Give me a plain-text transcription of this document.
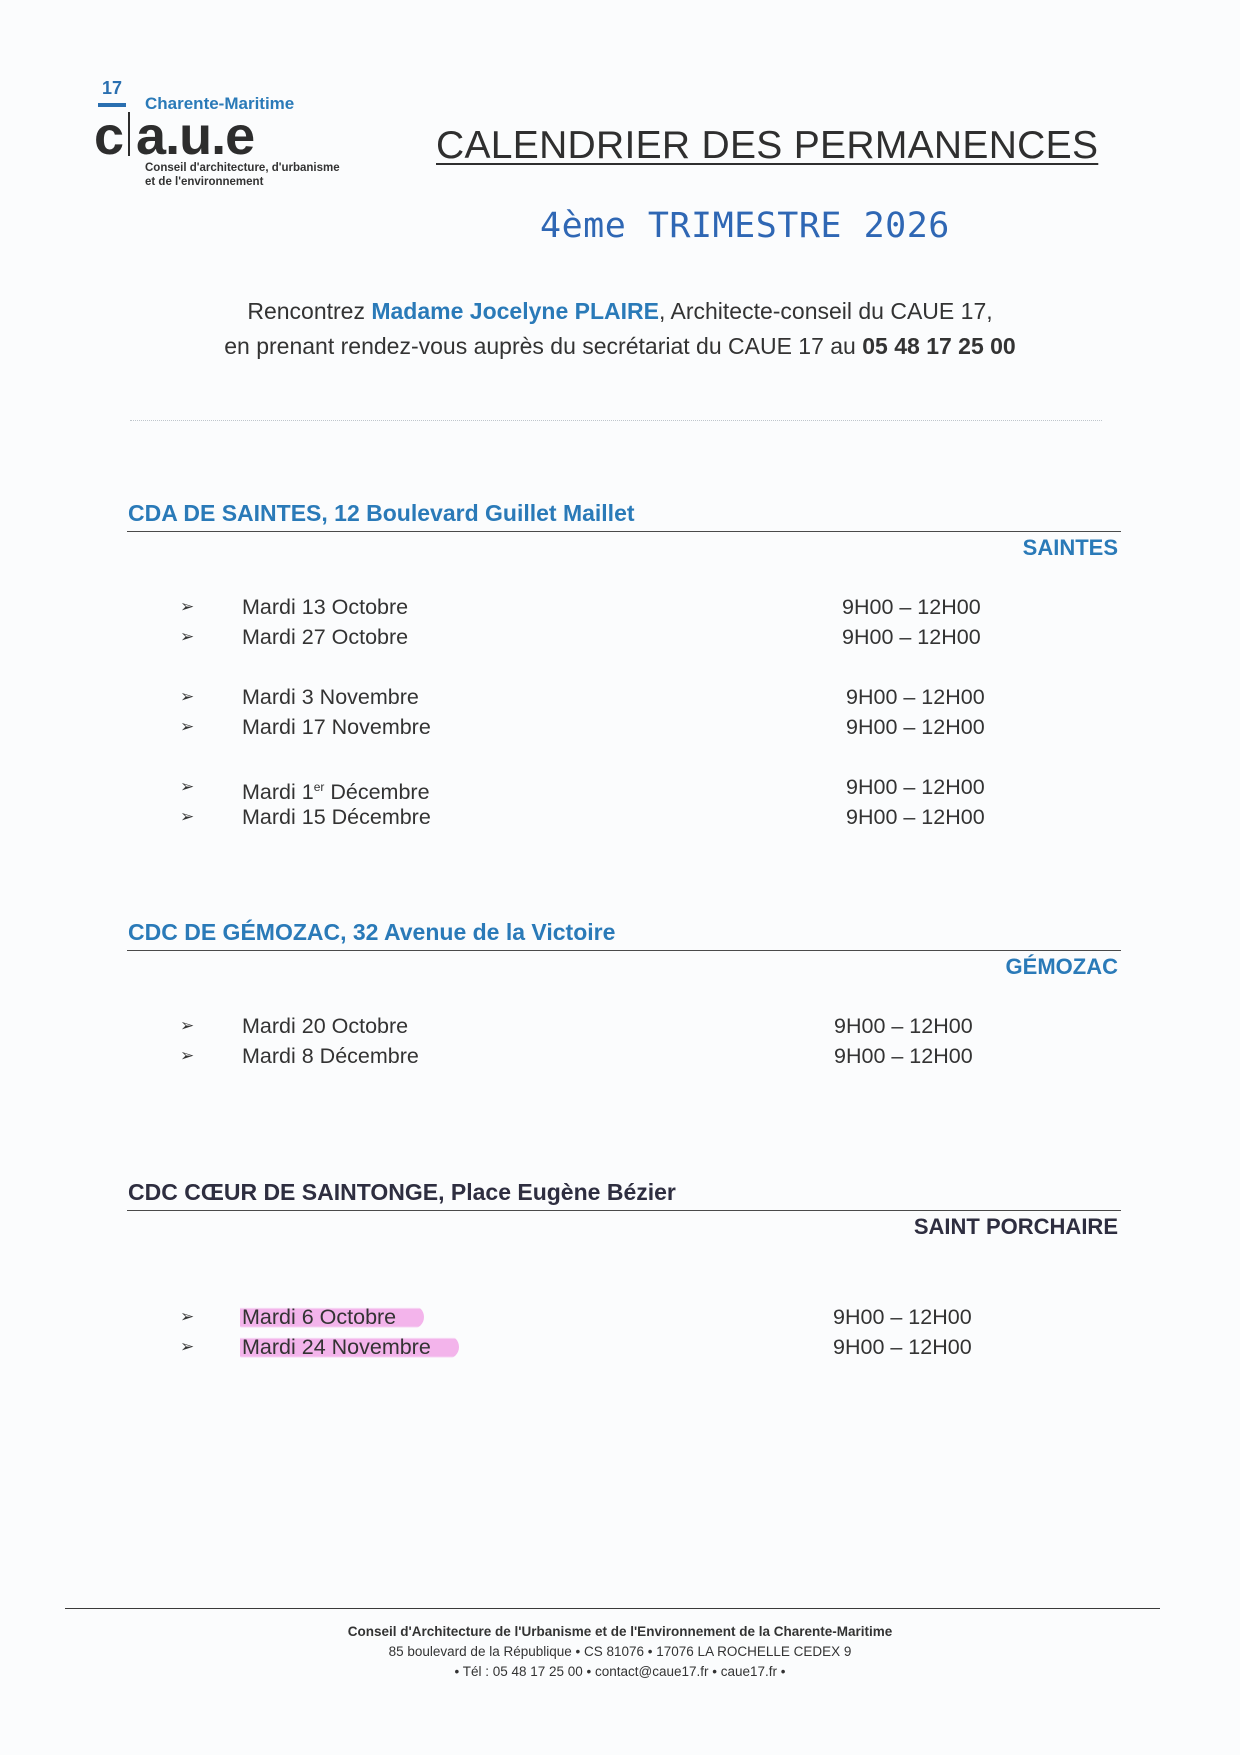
17
Charente-Maritime
c a.u.e
Conseil d'architecture, d'urbanisme
et de l'environnement
CALENDRIER DES PERMANENCES
4ème TRIMESTRE 2026
Rencontrez Madame Jocelyne PLAIRE, Architecte-conseil du CAUE 17,
en prenant rendez-vous auprès du secrétariat du CAUE 17 au 05 48 17 25 00
CDA DE SAINTES, 12 Boulevard Guillet Maillet
SAINTES
➢ Mardi 13 Octobre	9H00 – 12H00
➢ Mardi 27 Octobre	9H00 – 12H00
➢ Mardi 3 Novembre	9H00 – 12H00
➢ Mardi 17 Novembre	9H00 – 12H00
➢ Mardi 1er Décembre	9H00 – 12H00
➢ Mardi 15 Décembre	9H00 – 12H00
CDC DE GÉMOZAC, 32 Avenue de la Victoire
GÉMOZAC
➢ Mardi 20 Octobre	9H00 – 12H00
➢ Mardi 8 Décembre	9H00 – 12H00
CDC CŒUR DE SAINTONGE, Place Eugène Bézier
SAINT PORCHAIRE
➢ Mardi 6 Octobre	9H00 – 12H00
➢ Mardi 24 Novembre	9H00 – 12H00
Conseil d'Architecture de l'Urbanisme et de l'Environnement de la Charente-Maritime
85 boulevard de la République • CS 81076 • 17076 LA ROCHELLE CEDEX 9
• Tél : 05 48 17 25 00 • contact@caue17.fr • caue17.fr •
